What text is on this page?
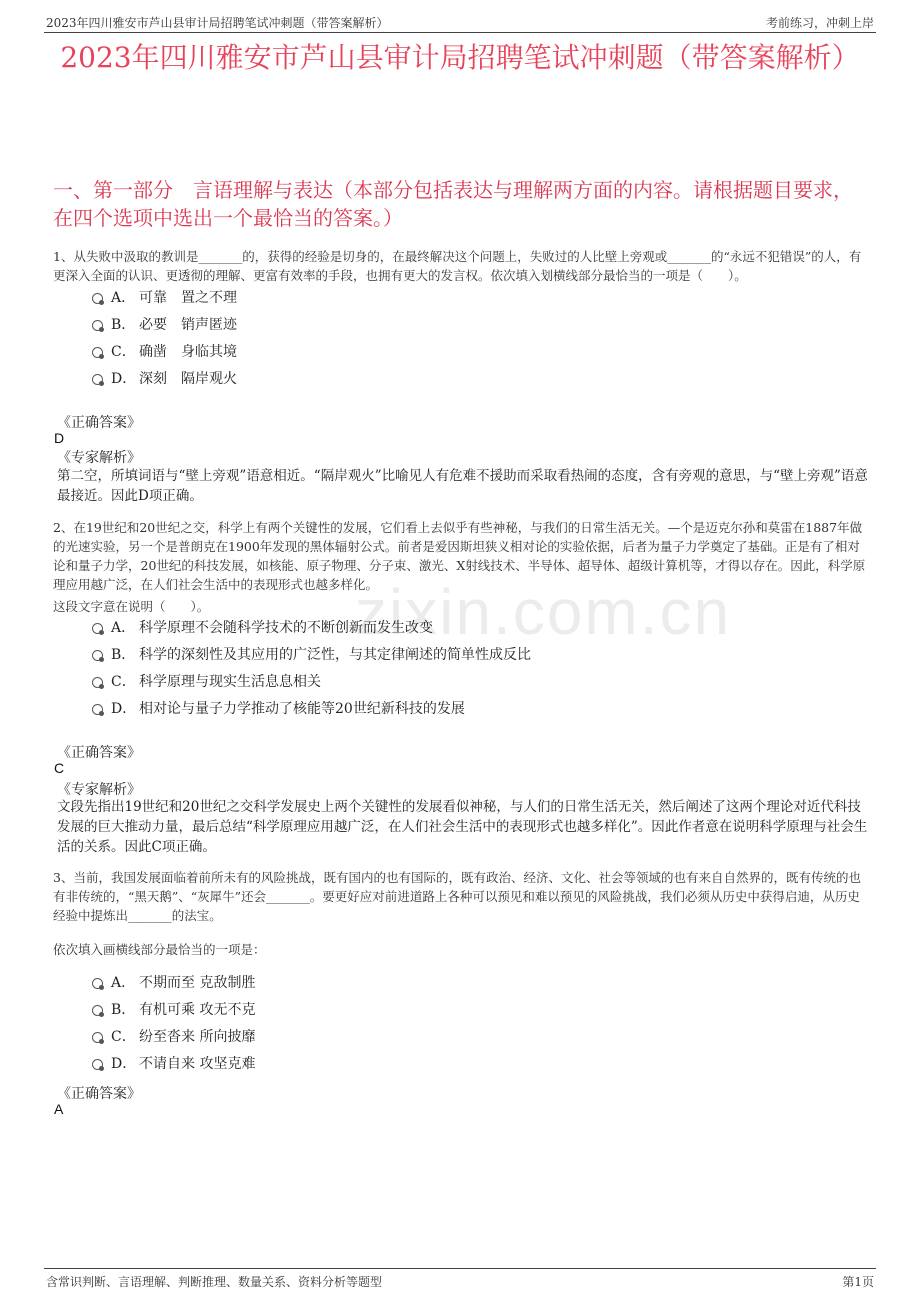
2023年四川雅安市芦山县审计局招聘笔试冲刺题（带答案解析）	考前练习，冲刺上岸
2023年四川雅安市芦山县审计局招聘笔试冲刺题（带答案解析）
一、第一部分　言语理解与表达（本部分包括表达与理解两方面的内容。请根据题目要求，在四个选项中选出一个最恰当的答案。）
zixin.com.cn
1、从失败中汲取的教训是_______的，获得的经验是切身的，在最终解决这个问题上，失败过的人比壁上旁观或_______的“永远不犯错误”的人，有更深入全面的认识、更透彻的理解、更富有效率的手段，也拥有更大的发言权。依次填入划横线部分最恰当的一项是（　　）。
A． 可靠　置之不理
B． 必要　销声匿迹
C． 确凿　身临其境
D． 深刻　隔岸观火
《正确答案》
D
《专家解析》
第二空，所填词语与“壁上旁观”语意相近。“隔岸观火”比喻见人有危难不援助而采取看热闹的态度，含有旁观的意思，与“壁上旁观”语意最接近。因此D项正确。
2、在19世纪和20世纪之交，科学上有两个关键性的发展，它们看上去似乎有些神秘，与我们的日常生活无关。—个是迈克尔孙和莫雷在1887年做的光速实验，另一个是普朗克在1900年发现的黑体辐射公式。前者是爱因斯坦狭义相对论的实验依据，后者为量子力学奠定了基础。正是有了相对论和量子力学，20世纪的科技发展，如核能、原子物理、分子束、激光、X射线技术、半导体、超导体、超级计算机等，才得以存在。因此，科学原理应用越广泛，在人们社会生活中的表现形式也越多样化。
这段文字意在说明（　　）。
A． 科学原理不会随科学技术的不断创新而发生改变
B． 科学的深刻性及其应用的广泛性，与其定律阐述的简单性成反比
C． 科学原理与现实生活息息相关
D． 相对论与量子力学推动了核能等20世纪新科技的发展
《正确答案》
C
《专家解析》
文段先指出19世纪和20世纪之交科学发展史上两个关键性的发展看似神秘，与人们的日常生活无关，然后阐述了这两个理论对近代科技发展的巨大推动力量，最后总结“科学原理应用越广泛，在人们社会生活中的表现形式也越多样化”。因此作者意在说明科学原理与社会生活的关系。因此C项正确。
3、当前，我国发展面临着前所未有的风险挑战，既有国内的也有国际的，既有政治、经济、文化、社会等领域的也有来自自然界的，既有传统的也有非传统的，“黑天鹅”、“灰犀牛”还会_______。要更好应对前进道路上各种可以预见和难以预见的风险挑战，我们必须从历史中获得启迪，从历史经验中提炼出_______的法宝。
依次填入画横线部分最恰当的一项是：
A． 不期而至 克敌制胜
B． 有机可乘 攻无不克
C． 纷至沓来 所向披靡
D． 不请自来 攻坚克难
《正确答案》
A
含常识判断、言语理解、判断推理、数量关系、资料分析等题型	第1页
